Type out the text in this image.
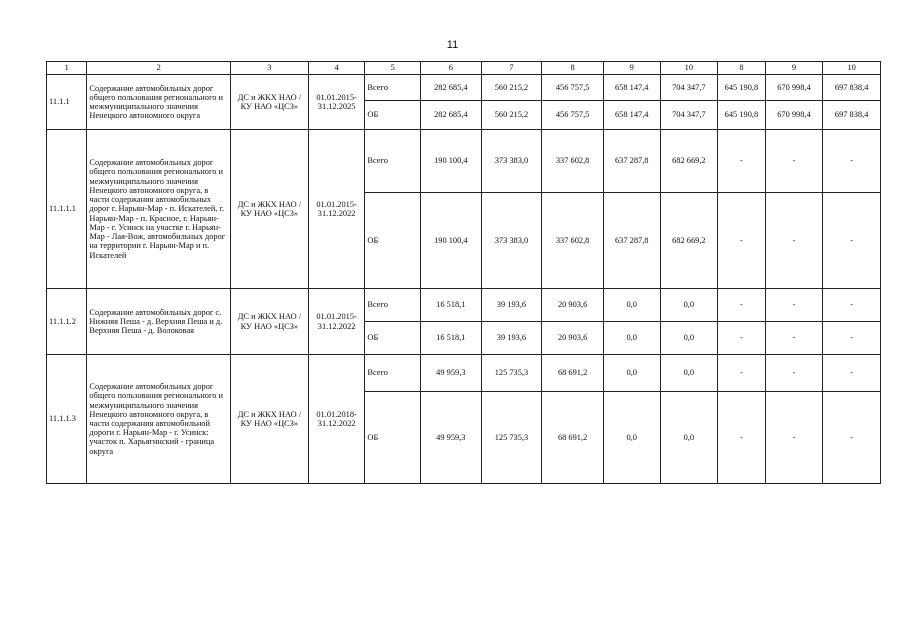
11
1	2	3	4	5	6	7	8	9	10	8	9	10
11.1.1	Содержание автомобильных дорог общего пользования регионального и межмуниципального значения Ненецкого автономного округа	ДС и ЖКХ НАО / КУ НАО «ЦСЗ»	01.01.2015-31.12.2025	Всего	282 685,4	560 215,2	456 757,5	658 147,4	704 347,7	645 190,8	670 998,4	697 838,4
				ОБ	282 685,4	560 215,2	456 757,5	658 147,4	704 347,7	645 190,8	670 998,4	697 838,4
11.1.1.1	Содержание автомобильных дорог общего пользования регионального и межмуниципального значения Ненецкого автономного округа, в части содержания автомобильных дорог г. Нарьян-Мар - п. Искателей, г. Нарьян-Мар - п. Красное, г. Нарьян-Мар - г. Усинск на участке г. Нарьян-Мар - Лая-Вож, автомобильных дорог на территории г. Нарьян-Мар и п. Искателей	ДС и ЖКХ НАО / КУ НАО «ЦСЗ»	01.01.2015-31.12.2022	Всего	190 100,4	373 383,0	337 602,8	637 287,8	682 669,2	-	-	-
				ОБ	190 100,4	373 383,0	337 602,8	637 287,8	682 669,2	-	-	-
11.1.1.2	Содержание автомобильных дорог с. Нижняя Пеша - д. Верхняя Пеша и д. Верхняя Пеша - д. Волоковая	ДС и ЖКХ НАО / КУ НАО «ЦСЗ»	01.01.2015-31.12.2022	Всего	16 518,1	39 193,6	20 903,6	0,0	0,0	-	-	-
				ОБ	16 518,1	39 193,6	20 903,6	0,0	0,0	-	-	-
11.1.1.3	Содержание автомобильных дорог общего пользования регионального и межмуниципального значения Ненецкого автономного округа, в части содержания автомобильной дороги г. Нарьян-Мар - г. Усинск: участок п. Харьягинский - граница округа	ДС и ЖКХ НАО / КУ НАО «ЦСЗ»	01.01.2018-31.12.2022	Всего	49 959,3	125 735,3	68 691,2	0,0	0,0	-	-	-
				ОБ	49 959,3	125 735,3	68 691,2	0,0	0,0	-	-	-
